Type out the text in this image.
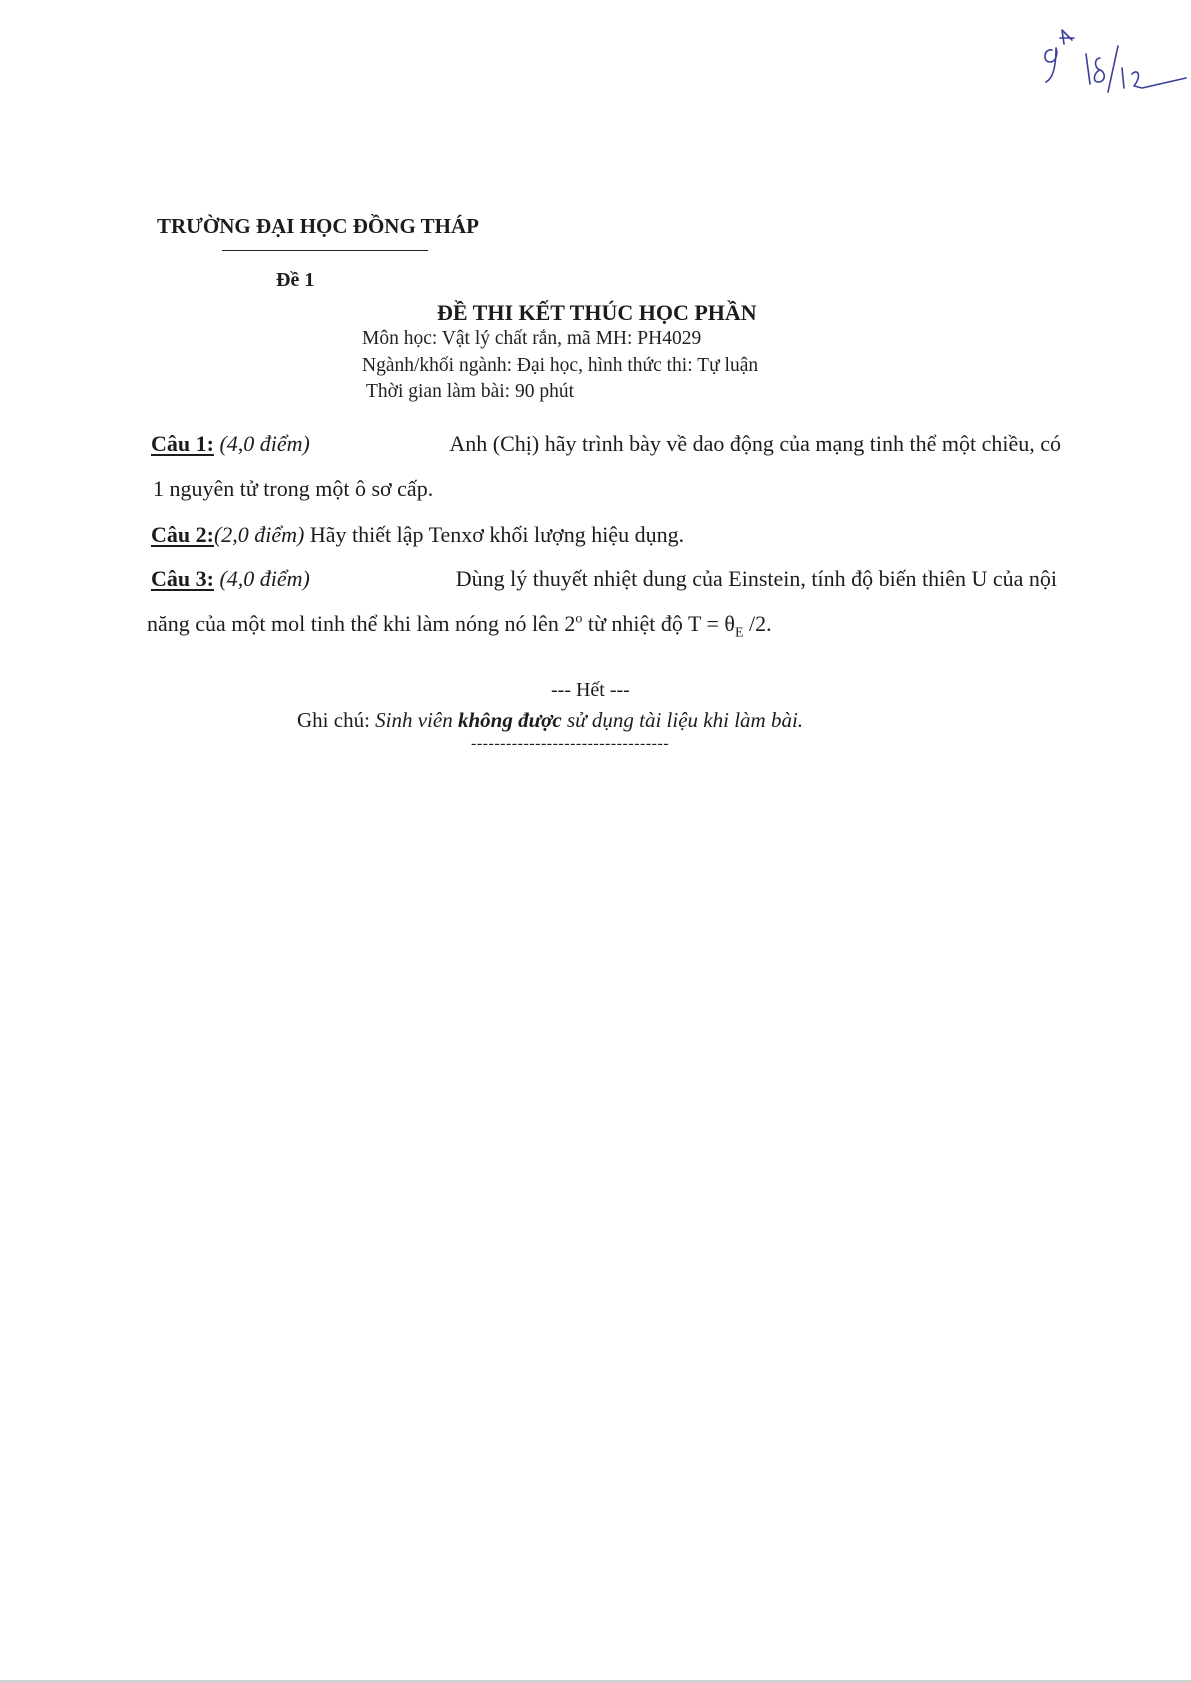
TRƯỜNG ĐẠI HỌC ĐỒNG THÁP
Đề 1
ĐỀ THI KẾT THÚC HỌC PHẦN
Môn học: Vật lý chất rắn, mã MH: PH4029
Ngành/khối ngành: Đại học, hình thức thi: Tự luận
Thời gian làm bài: 90 phút
Câu 1: (4,0 điểm)	Anh (Chị) hãy trình bày về dao động của mạng tinh thể một chiều, có
1 nguyên tử trong một ô sơ cấp.
Câu 2:(2,0 điểm) Hãy thiết lập Tenxơ khối lượng hiệu dụng.
Câu 3: (4,0 điểm)	Dùng lý thuyết nhiệt dung của Einstein, tính độ biến thiên U của nội
năng của một mol tinh thể khi làm nóng nó lên 2$^o$ từ nhiệt độ $T = \theta_E$ /2.
--- Hết ---
Ghi chú: Sinh viên không được sử dụng tài liệu khi làm bài.
----------------------------------
